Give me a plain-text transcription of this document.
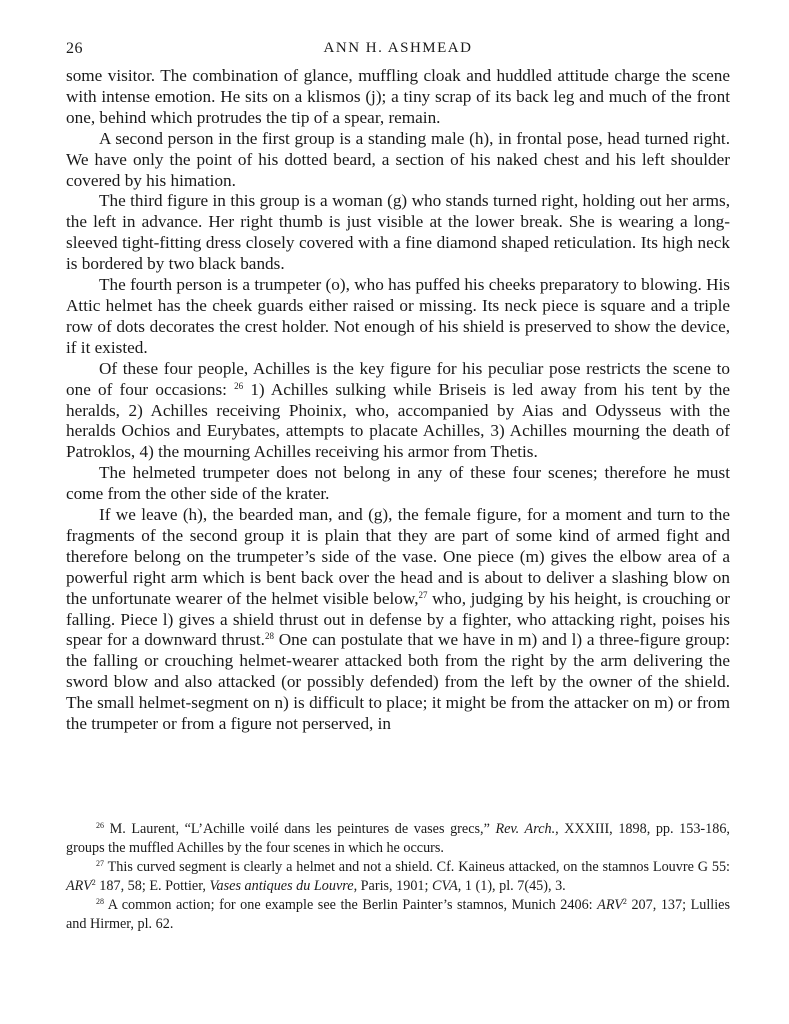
26	ANN H. ASHMEAD

some visitor. The combination of glance, muffling cloak and huddled attitude charge the scene with intense emotion. He sits on a klismos (j); a tiny scrap of its back leg and much of the front one, behind which protrudes the tip of a spear, remain.

A second person in the first group is a standing male (h), in frontal pose, head turned right. We have only the point of his dotted beard, a section of his naked chest and his left shoulder covered by his himation.

The third figure in this group is a woman (g) who stands turned right, holding out her arms, the left in advance. Her right thumb is just visible at the lower break. She is wearing a long-sleeved tight-fitting dress closely covered with a fine diamond shaped reticulation. Its high neck is bordered by two black bands.

The fourth person is a trumpeter (o), who has puffed his cheeks preparatory to blowing. His Attic helmet has the cheek guards either raised or missing. Its neck piece is square and a triple row of dots decorates the crest holder. Not enough of his shield is preserved to show the device, if it existed.

Of these four people, Achilles is the key figure for his peculiar pose restricts the scene to one of four occasions: $^{26}$ 1) Achilles sulking while Briseis is led away from his tent by the heralds, 2) Achilles receiving Phoinix, who, accompanied by Aias and Odysseus with the heralds Ochios and Eurybates, attempts to placate Achilles, 3) Achilles mourning the death of Patroklos, 4) the mourning Achilles receiving his armor from Thetis.

The helmeted trumpeter does not belong in any of these four scenes; therefore he must come from the other side of the krater.

If we leave (h), the bearded man, and (g), the female figure, for a moment and turn to the fragments of the second group it is plain that they are part of some kind of armed fight and therefore belong on the trumpeter’s side of the vase. One piece (m) gives the elbow area of a powerful right arm which is bent back over the head and is about to deliver a slashing blow on the unfortunate wearer of the helmet visible below,$^{27}$ who, judging by his height, is crouching or falling. Piece l) gives a shield thrust out in defense by a fighter, who attacking right, poises his spear for a downward thrust.$^{28}$ One can postulate that we have in m) and l) a three-figure group: the falling or crouching helmet-wearer attacked both from the right by the arm delivering the sword blow and also attacked (or possibly defended) from the left by the owner of the shield. The small helmet-segment on n) is difficult to place; it might be from the attacker on m) or from the trumpeter or from a figure not perserved, in

$^{26}$ M. Laurent, “L’Achille voilé dans les peintures de vases grecs,” Rev. Arch., XXXIII, 1898, pp. 153-186, groups the muffled Achilles by the four scenes in which he occurs.

$^{27}$ This curved segment is clearly a helmet and not a shield. Cf. Kaineus attacked, on the stamnos Louvre G 55: ARV$^2$ 187, 58; E. Pottier, Vases antiques du Louvre, Paris, 1901; CVA, 1 (1), pl. 7(45), 3.

$^{28}$ A common action; for one example see the Berlin Painter’s stamnos, Munich 2406: ARV$^2$ 207, 137; Lullies and Hirmer, pl. 62.
